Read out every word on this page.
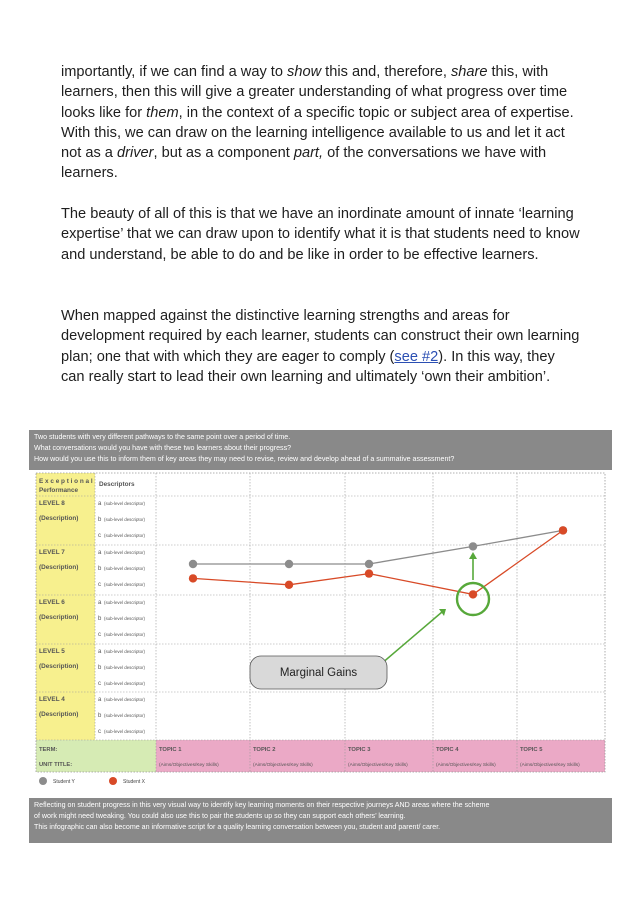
importantly, if we can find a way to show this and, therefore, share this, with learners, then this will give a greater understanding of what progress over time looks like for them, in the context of a specific topic or subject area of expertise. With this, we can draw on the learning intelligence available to us and let it act not as a driver, but as a component part, of the conversations we have with learners.

The beauty of all of this is that we have an inordinate amount of innate ‘learning expertise’ that we can draw upon to identify what it is that students need to know and understand, be able to do and be like in order to be effective learners.

When mapped against the distinctive learning strengths and areas for development required by each learner, students can construct their own learning plan; one that with which they are eager to comply (see #2). In this way, they can really start to lead their own learning and ultimately ‘own their ambition’.

Two students with very different pathways to the same point over a period of time.
What conversations would you have with these two learners about their progress?
How would you use this to inform them of key areas they may need to revise, review and develop ahead of a summative assessment?
E x c e p t i o n a l
Performance
Descriptors
LEVEL 8
(Description)
LEVEL 7
(Description)
LEVEL 6
(Description)
LEVEL 5
(Description)
LEVEL 4
(Description)
a (sub-level descriptor)
b (sub-level descriptor)
c (sub-level descriptor)
a (sub-level descriptor)
b (sub-level descriptor)
c (sub-level descriptor)
a (sub-level descriptor)
b (sub-level descriptor)
c (sub-level descriptor)
a (sub-level descriptor)
b (sub-level descriptor)
c (sub-level descriptor)
a (sub-level descriptor)
b (sub-level descriptor)
c (sub-level descriptor)
TERM:
UNIT TITLE:
TOPIC 1
(Aims/Objectives/Key Skills)
TOPIC 2
(Aims/Objectives/Key Skills)
TOPIC 3
(Aims/Objectives/Key Skills)
TOPIC 4
(Aims/Objectives/Key Skills)
TOPIC 5
(Aims/Objectives/Key Skills)
Marginal Gains
Student Y	Student X
Reflecting on student progress in this very visual way to identify key learning moments on their respective journeys AND areas where the scheme
of work might need tweaking. You could also use this to pair the students up so they can support each others’ learning.
This infographic can also become an informative script for a quality learning conversation between you, student and parent/ carer.
